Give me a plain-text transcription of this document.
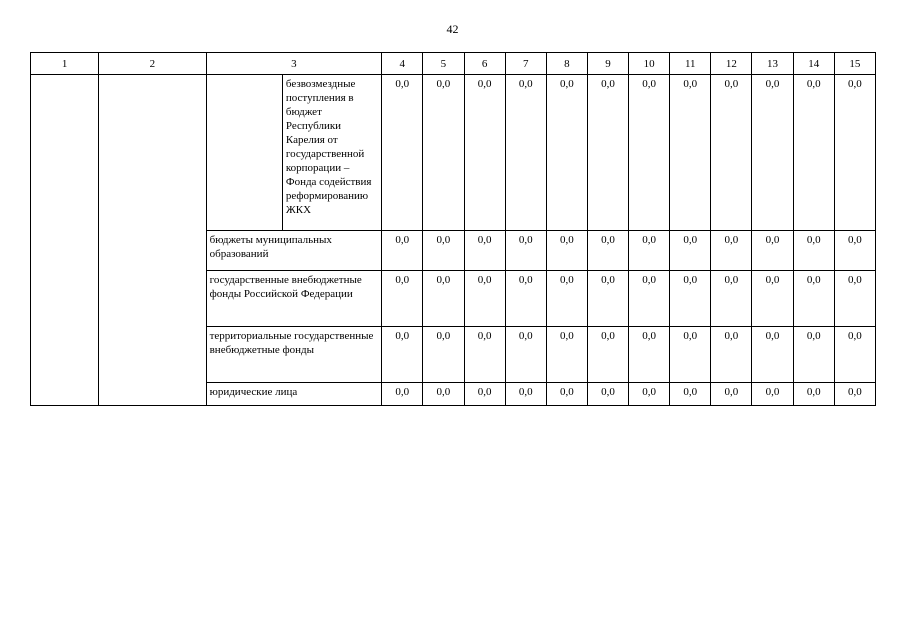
42
1	2	3		4	5	6	7	8	9	10	11	12	13	14	15
			безвозмездные поступления в бюджет Республики Карелия от государственной корпорации – Фонда содействия реформированию ЖКХ	0,0	0,0	0,0	0,0	0,0	0,0	0,0	0,0	0,0	0,0	0,0	0,0
		бюджеты муниципальных образований		0,0	0,0	0,0	0,0	0,0	0,0	0,0	0,0	0,0	0,0	0,0	0,0
		государственные внебюджетные фонды Российской Федерации		0,0	0,0	0,0	0,0	0,0	0,0	0,0	0,0	0,0	0,0	0,0	0,0
		территориальные государственные внебюджетные фонды		0,0	0,0	0,0	0,0	0,0	0,0	0,0	0,0	0,0	0,0	0,0	0,0
		юридические лица		0,0	0,0	0,0	0,0	0,0	0,0	0,0	0,0	0,0	0,0	0,0	0,0
